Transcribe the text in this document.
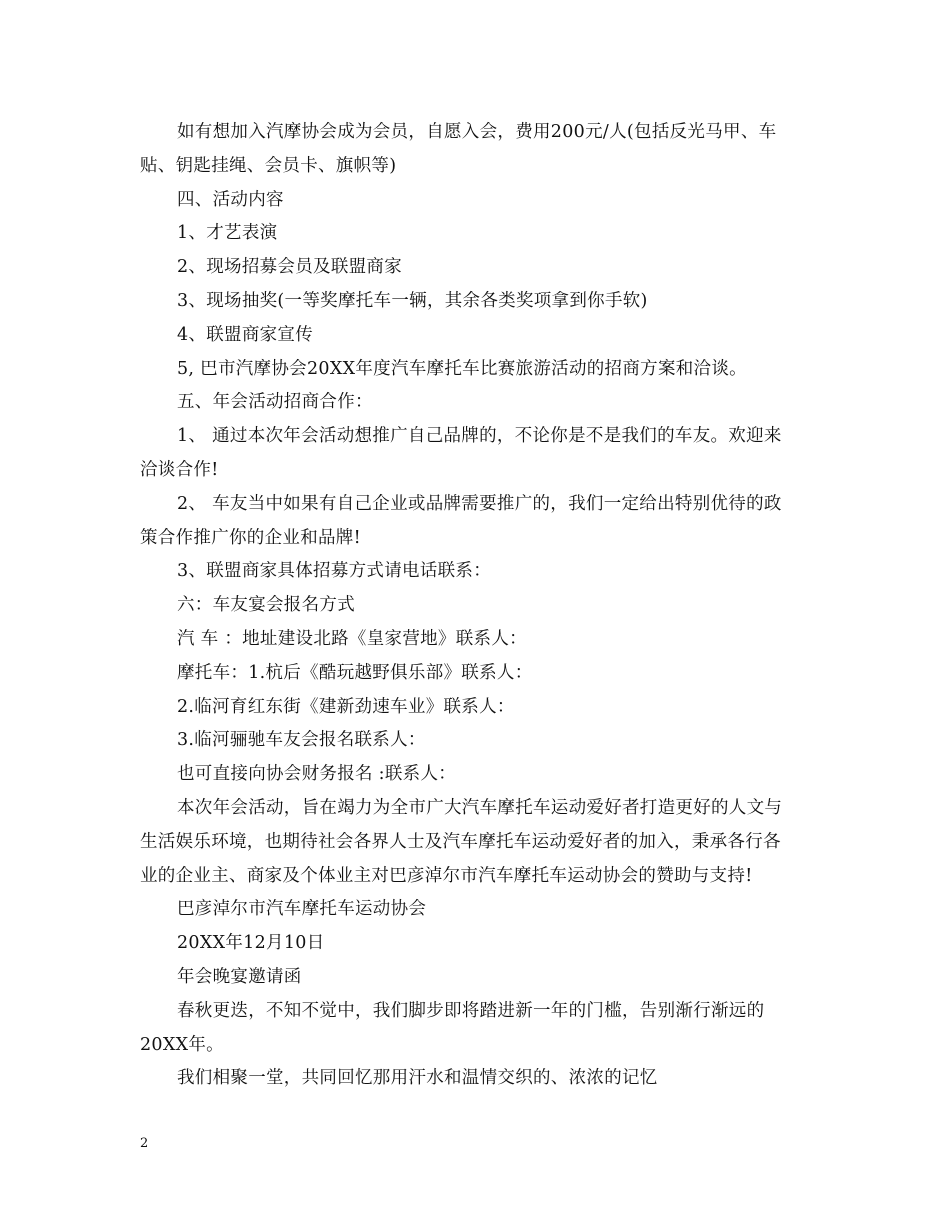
如有想加入汽摩协会成为会员，自愿入会，费用200元/人(包括反光马甲、车
贴、钥匙挂绳、会员卡、旗帜等)
四、活动内容
1、才艺表演
2、现场招募会员及联盟商家
3、现场抽奖(一等奖摩托车一辆，其余各类奖项拿到你手软)
4、联盟商家宣传
5, 巴市汽摩协会20XX年度汽车摩托车比赛旅游活动的招商方案和洽谈。
五、年会活动招商合作：
1、 通过本次年会活动想推广自己品牌的，不论你是不是我们的车友。欢迎来
洽谈合作!
2、 车友当中如果有自己企业或品牌需要推广的，我们一定给出特别优待的政
策合作推广你的企业和品牌!
3、联盟商家具体招募方式请电话联系：
六：车友宴会报名方式
汽 车 ：地址建设北路《皇家营地》联系人：
摩托车：1.杭后《酷玩越野俱乐部》联系人：
2.临河育红东街《建新劲速车业》联系人：
3.临河骊驰车友会报名联系人：
也可直接向协会财务报名 :联系人：
本次年会活动，旨在竭力为全市广大汽车摩托车运动爱好者打造更好的人文与
生活娱乐环境，也期待社会各界人士及汽车摩托车运动爱好者的加入，秉承各行各
业的企业主、商家及个体业主对巴彦淖尔市汽车摩托车运动协会的赞助与支持!
巴彦淖尔市汽车摩托车运动协会
20XX年12月10日
年会晚宴邀请函
春秋更迭，不知不觉中，我们脚步即将踏进新一年的门槛，告别渐行渐远的
20XX年。
我们相聚一堂，共同回忆那用汗水和温情交织的、浓浓的记忆
2
